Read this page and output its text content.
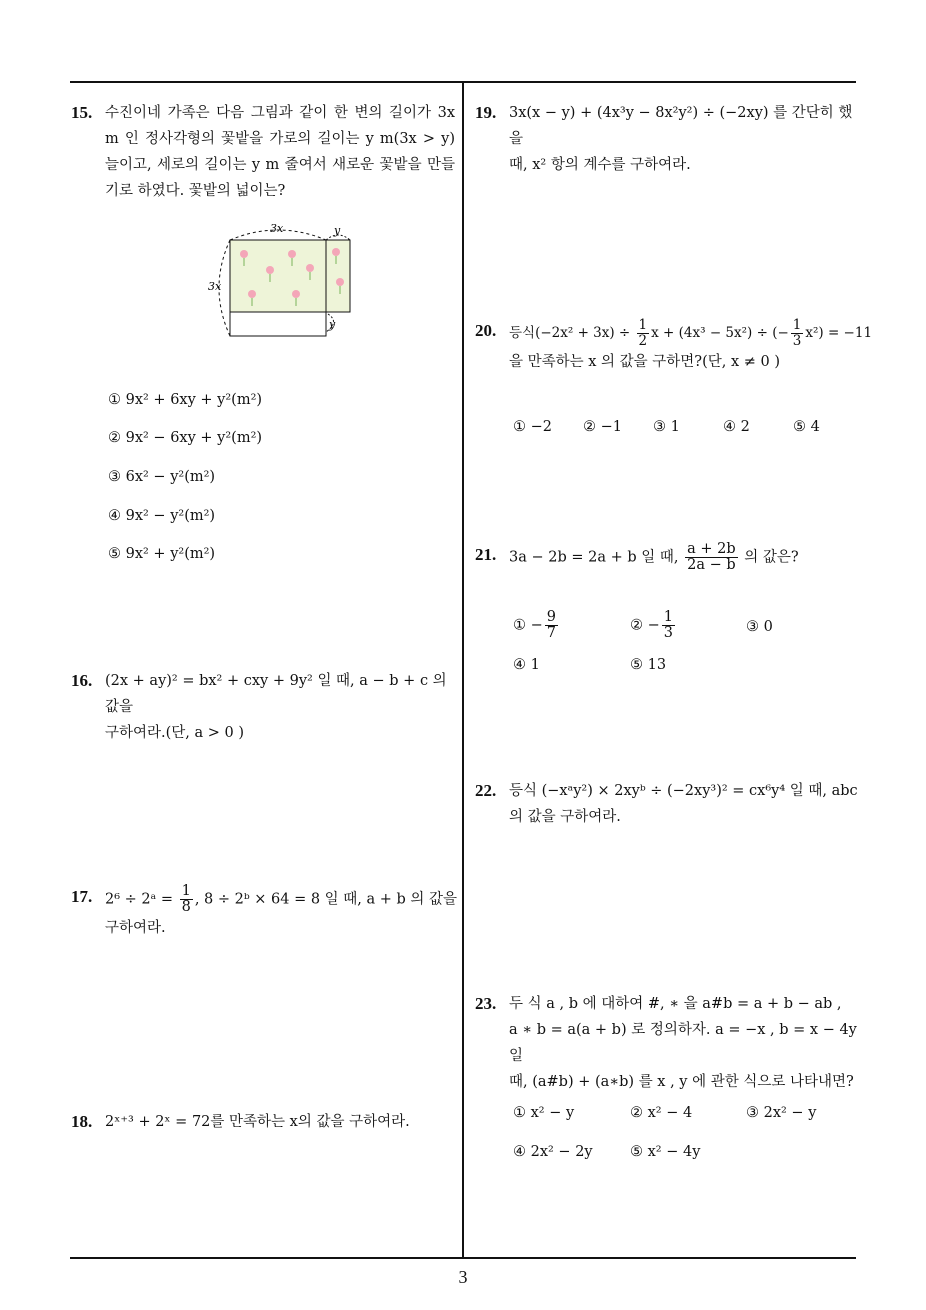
15. 수진이네 가족은 다음 그림과 같이 한 변의 길이가 3x m 인 정사각형의 꽃밭을 가로의 길이는 y m(3x > y) 늘이고, 세로의 길이는 y m 줄여서 새로운 꽃밭을 만들기로 하였다. 꽃밭의 넓이는?

3x
3x
y
y
① 9x² + 6xy + y²(m²)
② 9x² − 6xy + y²(m²)
③ 6x² − y²(m²)
④ 9x² − y²(m²)
⑤ 9x² + y²(m²)
16. (2x + ay)² = bx² + cxy + 9y² 일 때, a − b + c 의 값을

구하여라.(단, a > 0 )

17. 2⁶ ÷ 2ᵃ = $\frac{1}{8}$ , 8 ÷ 2ᵇ × 64 = 8 일 때, a + b 의 값을

구하여라.

18. 2ˣ⁺³ + 2ˣ = 72를 만족하는 x의 값을 구하여라.

19. 3x(x − y) + (4x³y − 8x²y²) ÷ (−2xy) 를 간단히 했을

때, x² 항의 계수를 구하여라.

20. 등식$(-2x^2 + 3x) \div \frac{1}{2}$ x + (4x³ − 5x²) ÷ (− $\frac{1}{3} x^2) = -11$

을 만족하는 x 의 값을 구하면?(단, x ≠ 0 )

① −2 ② −1 ③ 1	④ 2	⑤ 4
21. 3a − 2b = 2a + b 일 때, $\frac{a + 2b}{2a - b}$ 의 값은?

① − $\frac{9}{7}$	② − $\frac{1}{3}$	③ 0
④ 1	⑤ 13
22. 등식 (−xᵃy²) × 2xyᵇ ÷ (−2xy³)² = cx⁶y⁴ 일 때, abc

의 값을 구하여라.

23. 두 식 a , b 에 대하여 #, ∗ 을 a#b = a + b − ab ,

a ∗ b = a(a + b) 로 정의하자. a = −x , b = x − 4y 일

때, (a#b) + (a∗b) 를 x , y 에 관한 식으로 나타내면?

① x² − y	② x² − 4	③ 2x² − y
④ 2x² − 2y	⑤ x² − 4y
3
